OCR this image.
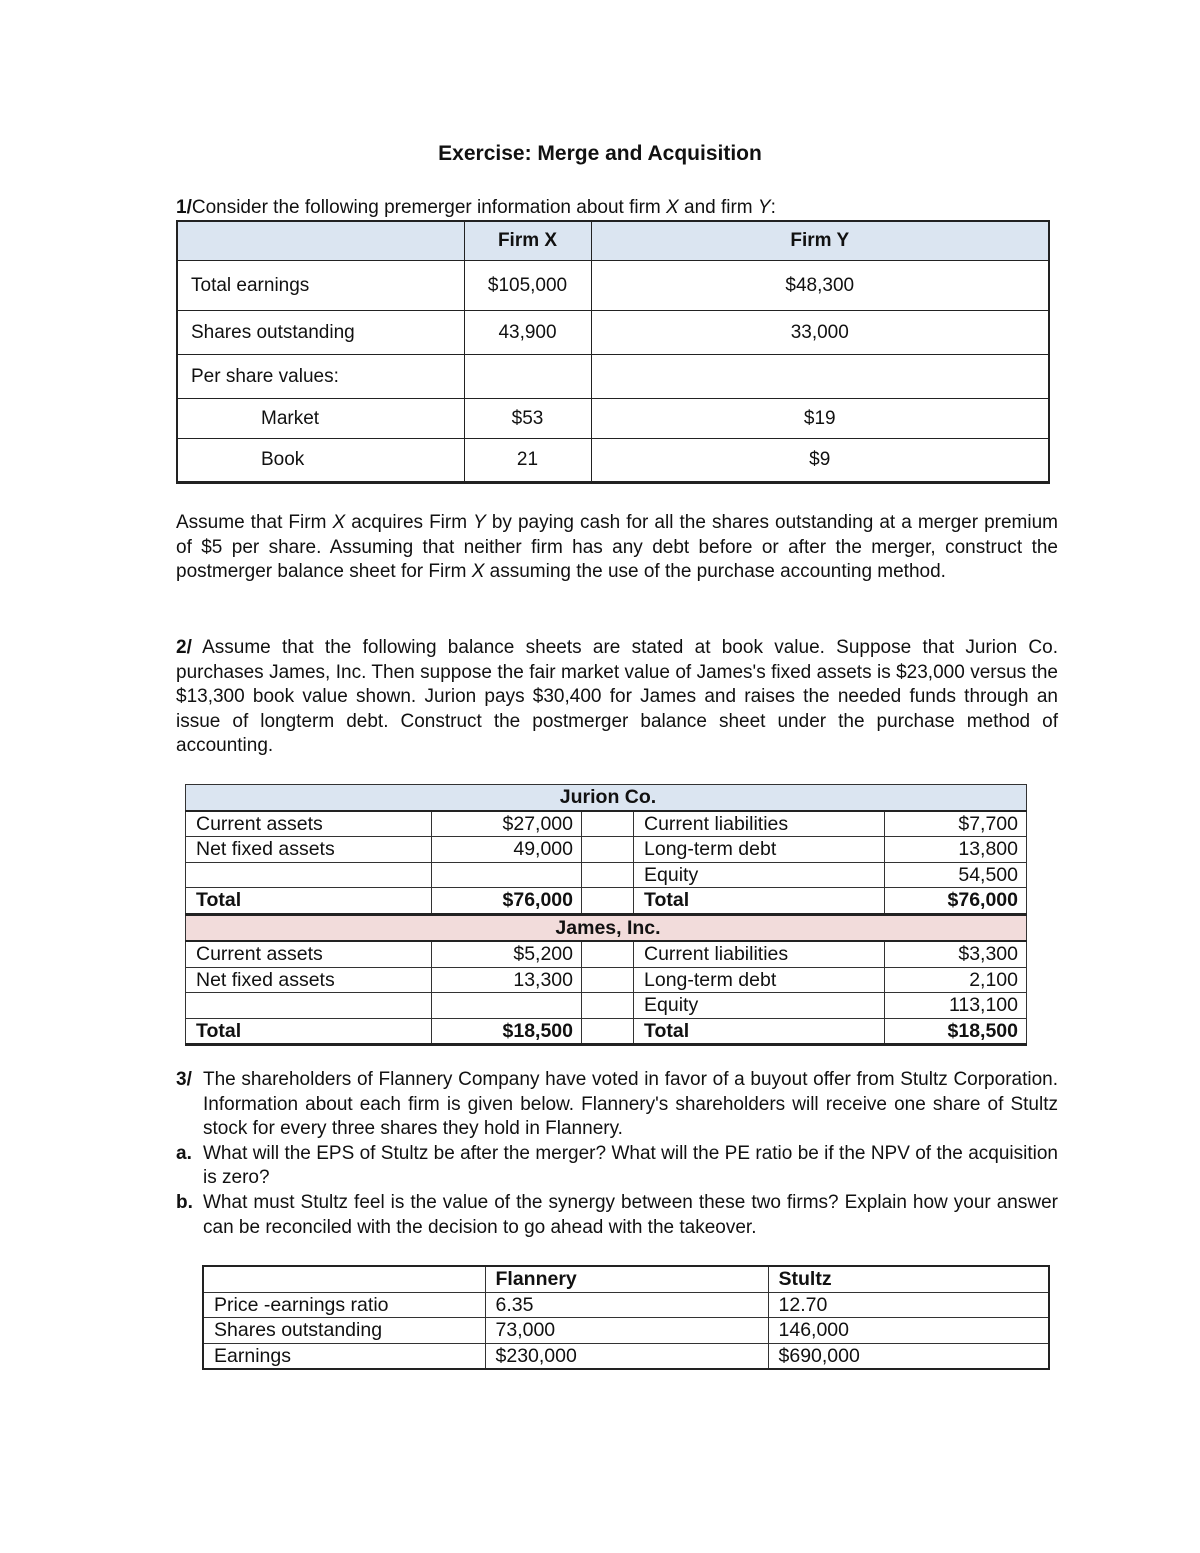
Exercise: Merge and Acquisition

1/Consider the following premerger information about firm X and firm Y:

	Firm X	Firm Y
Total earnings	$105,000	$48,300
Shares outstanding	43,900	33,000
Per share values:		
Market	$53	$19
Book	21	$9

Assume that Firm X acquires Firm Y by paying cash for all the shares outstanding at a merger premium of $5 per share. Assuming that neither firm has any debt before or after the merger, construct the postmerger balance sheet for Firm X assuming the use of the purchase accounting method.

2/ Assume that the following balance sheets are stated at book value. Suppose that Jurion Co. purchases James, Inc. Then suppose the fair market value of James's fixed assets is $23,000 versus the $13,300 book value shown. Jurion pays $30,400 for James and raises the needed funds through an issue of longterm debt. Construct the postmerger balance sheet under the purchase method of accounting.

Jurion Co.				
Current assets	$27,000		Current liabilities	$7,700
Net fixed assets	49,000		Long-term debt	13,800
			Equity	54,500
Total	$76,000		Total	$76,000
James, Inc.				
Current assets	$5,200		Current liabilities	$3,300
Net fixed assets	13,300		Long-term debt	2,100
			Equity	113,100
Total	$18,500		Total	$18,500
3/ The shareholders of Flannery Company have voted in favor of a buyout offer from Stultz Corporation. Information about each firm is given below. Flannery's shareholders will receive one share of Stultz stock for every three shares they hold in Flannery.
a. What will the EPS of Stultz be after the merger? What will the PE ratio be if the NPV of the acquisition is zero?
b. What must Stultz feel is the value of the synergy between these two firms? Explain how your answer can be reconciled with the decision to go ahead with the takeover.
	Flannery	Stultz
Price -earnings ratio	6.35	12.70
Shares outstanding	73,000	146,000
Earnings	$230,000	$690,000
